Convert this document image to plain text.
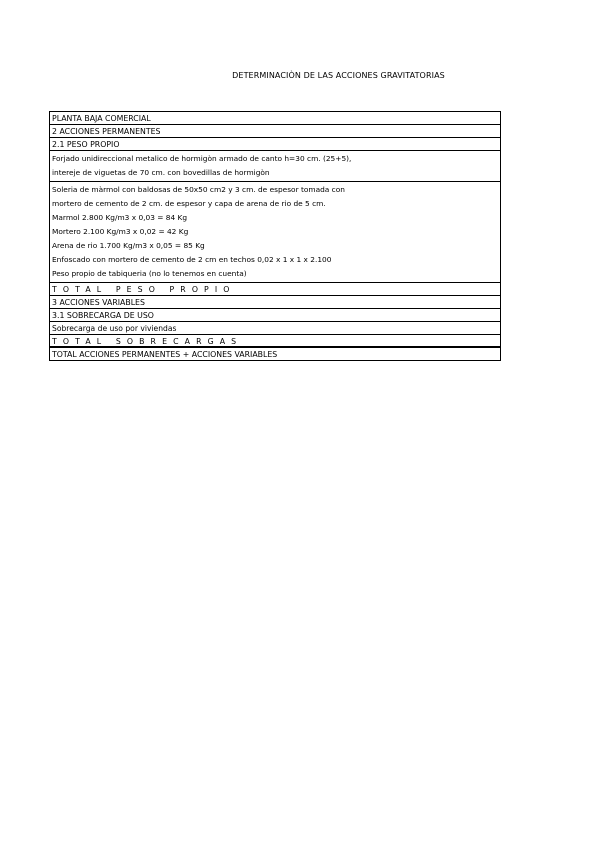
DETERMINACIÒN DE LAS ACCIONES GRAVITATORIAS
PLANTA BAJA COMERCIAL
2 ACCIONES PERMANENTES
2.1 PESO PROPIO
Forjado unidireccional metalico de hormigòn armado de canto h=30 cm. (25+5),
intereje de viguetas de 70 cm. con bovedillas de hormigòn
Soleria de màrmol con baldosas de 50x50 cm2 y 3 cm. de espesor tomada con
mortero de cemento de 2 cm. de espesor y capa de arena de rio de 5 cm.
Marmol 2.800 Kg/m3 x 0,03 = 84 Kg
Mortero 2.100 Kg/m3 x 0,02 = 42 Kg
Arena de rio 1.700 Kg/m3 x 0,05 = 85 Kg
Enfoscado con mortero de cemento de 2 cm en techos 0,02 x 1 x 1 x 2.100
Peso propio de tabiqueria (no lo tenemos en cuenta)
TOTAL PESO PROPIO
3 ACCIONES VARIABLES
3.1 SOBRECARGA DE USO
Sobrecarga de uso por viviendas
TOTAL SOBRECARGAS
TOTAL ACCIONES PERMANENTES + ACCIONES VARIABLES
